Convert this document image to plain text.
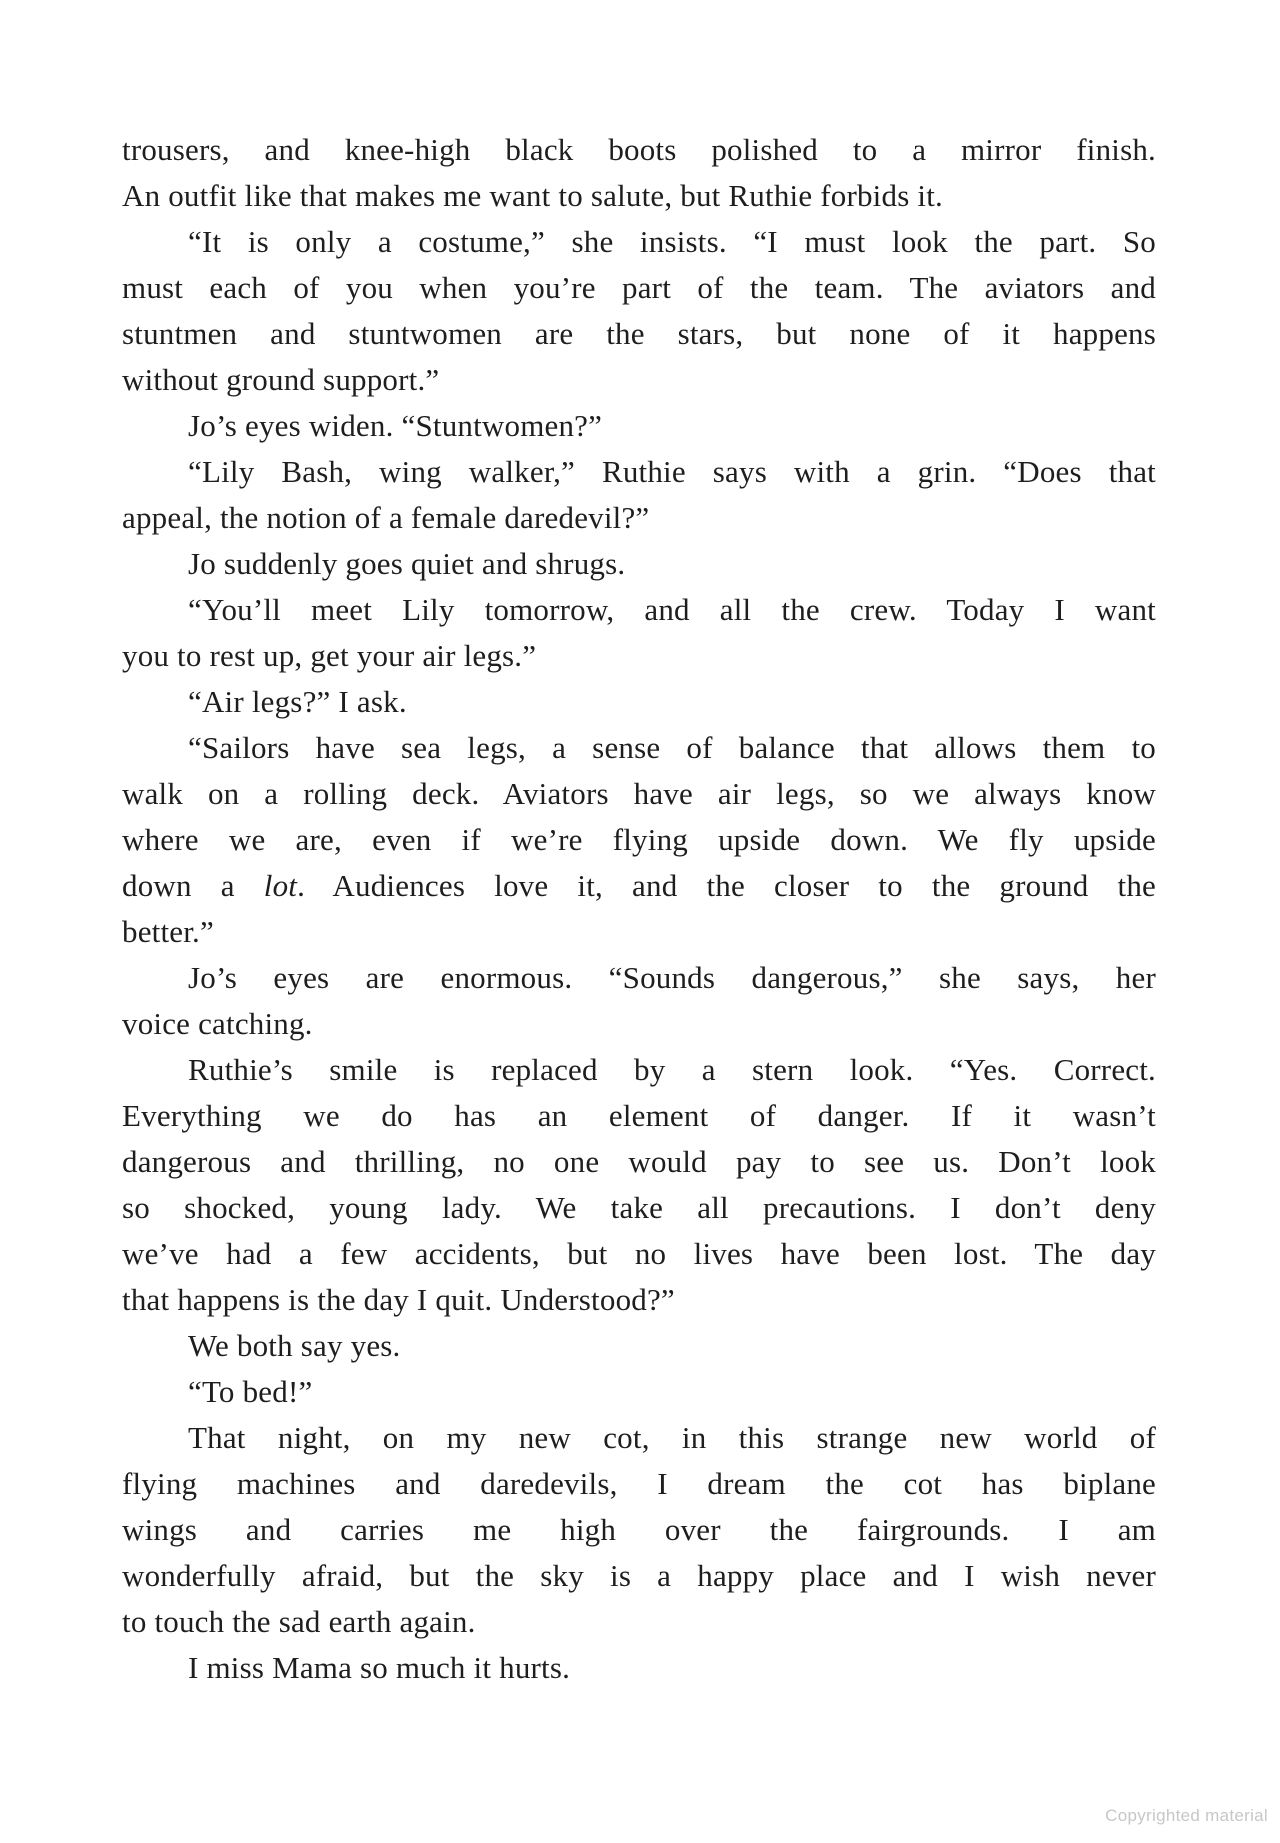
trousers, and knee-high black boots polished to a mirror finish.
An outfit like that makes me want to salute, but Ruthie forbids it.
“It is only a costume,” she insists. “I must look the part. So
must each of you when you’re part of the team. The aviators and
stuntmen and stuntwomen are the stars, but none of it happens
without ground support.”
Jo’s eyes widen. “Stuntwomen?”
“Lily Bash, wing walker,” Ruthie says with a grin. “Does that
appeal, the notion of a female daredevil?”
Jo suddenly goes quiet and shrugs.
“You’ll meet Lily tomorrow, and all the crew. Today I want
you to rest up, get your air legs.”
“Air legs?” I ask.
“Sailors have sea legs, a sense of balance that allows them to
walk on a rolling deck. Aviators have air legs, so we always know
where we are, even if we’re flying upside down. We fly upside
down a lot. Audiences love it, and the closer to the ground the
better.”
Jo’s eyes are enormous. “Sounds dangerous,” she says, her
voice catching.
Ruthie’s smile is replaced by a stern look. “Yes. Correct.
Everything we do has an element of danger. If it wasn’t
dangerous and thrilling, no one would pay to see us. Don’t look
so shocked, young lady. We take all precautions. I don’t deny
we’ve had a few accidents, but no lives have been lost. The day
that happens is the day I quit. Understood?”
We both say yes.
“To bed!”
That night, on my new cot, in this strange new world of
flying machines and daredevils, I dream the cot has biplane
wings and carries me high over the fairgrounds. I am
wonderfully afraid, but the sky is a happy place and I wish never
to touch the sad earth again.
I miss Mama so much it hurts.
Copyrighted material
